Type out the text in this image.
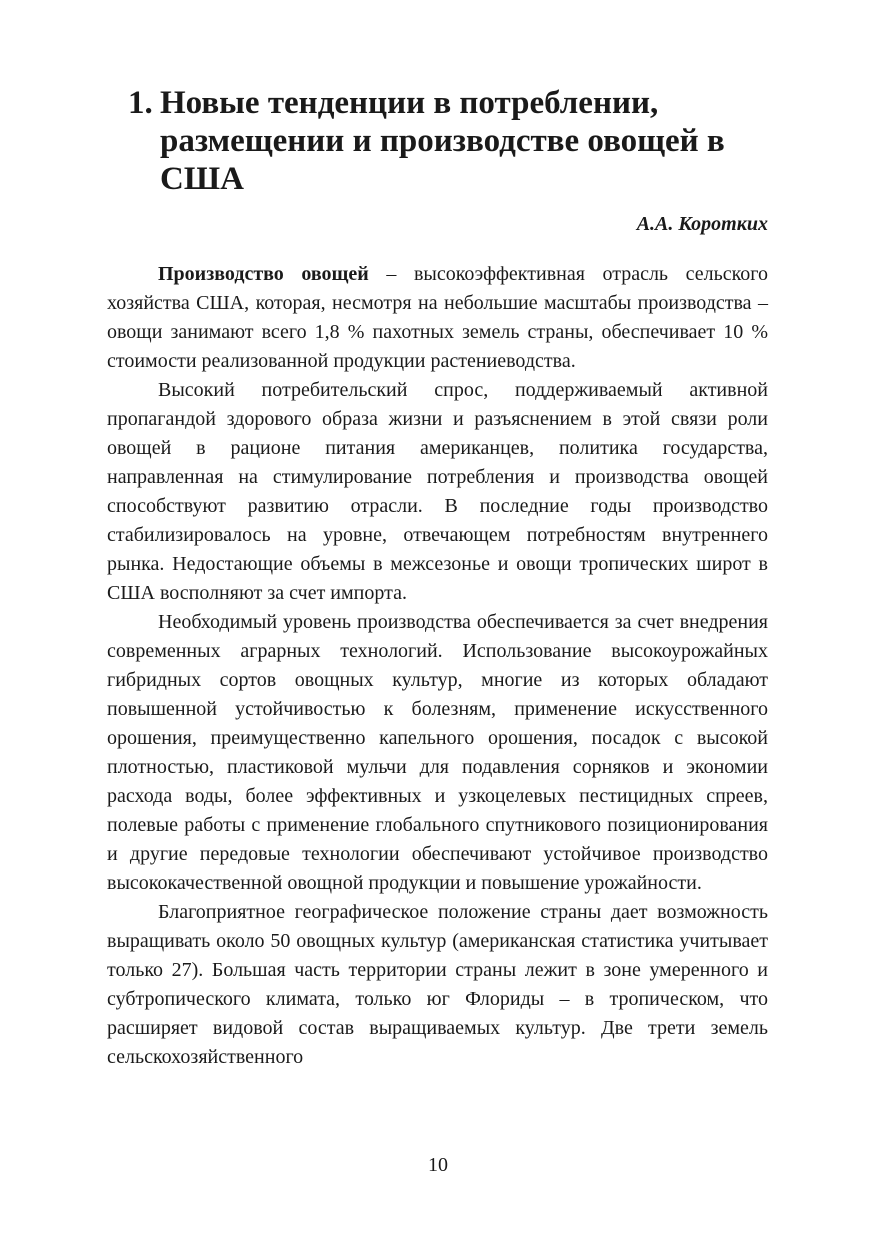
1. Новые тенденции в потреблении, размещении и производстве овощей в США

А.А. Коротких

Производство овощей – высокоэффективная отрасль сельского хозяйства США, которая, несмотря на небольшие масштабы производства – овощи занимают всего 1,8 % пахотных земель страны, обеспечивает 10 % стоимости реализованной продукции растениеводства.

Высокий потребительский спрос, поддерживаемый активной пропагандой здорового образа жизни и разъяснением в этой связи роли овощей в рационе питания американцев, политика государства, направленная на стимулирование потребления и производства овощей способствуют развитию отрасли. В последние годы производство стабилизировалось на уровне, отвечающем потребностям внутреннего рынка. Недостающие объемы в межсезонье и овощи тропических широт в США восполняют за счет импорта.

Необходимый уровень производства обеспечивается за счет внедрения современных аграрных технологий. Использование высокоурожайных гибридных сортов овощных культур, многие из которых обладают повышенной устойчивостью к болезням, применение искусственного орошения, преимущественно капельного орошения, посадок с высокой плотностью, пластиковой мульчи для подавления сорняков и экономии расхода воды, более эффективных и узкоцелевых пестицидных спреев, полевые работы с применение глобального спутникового позиционирования и другие передовые технологии обеспечивают устойчивое производство высококачественной овощной продукции и повышение урожайности.

Благоприятное географическое положение страны дает возможность выращивать около 50 овощных культур (американская статистика учитывает только 27). Большая часть территории страны лежит в зоне умеренного и субтропического климата, только юг Флориды – в тропическом, что расширяет видовой состав выращиваемых культур. Две трети земель сельскохозяйственного

10
